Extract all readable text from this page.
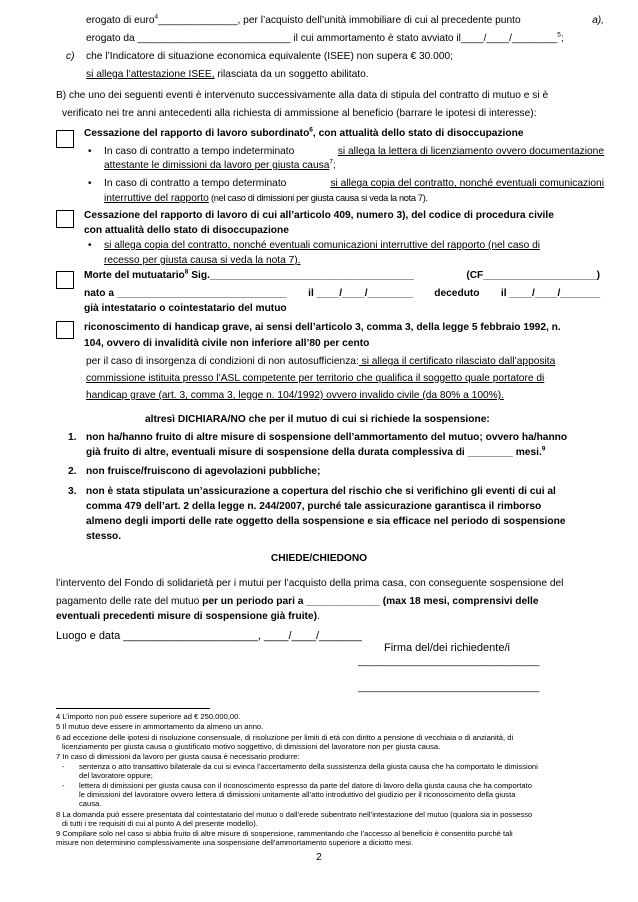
erogato di euro$^4$______________, per l’acquisto dell’unità immobiliare di cui al precedente punto	a),
erogato da ___________________________ il cui ammortamento è stato avviato il____/____/________$^5$;
c) che l’Indicatore di situazione economica equivalente (ISEE) non supera € 30.000;
si allega l’attestazione ISEE, rilasciata da un soggetto abilitato.
B) che uno dei seguenti eventi è intervenuto successivamente alla data di stipula del contratto di mutuo e si è
verificato nei tre anni antecedenti alla richiesta di ammissione al beneficio (barrare le ipotesi di interesse):
Cessazione del rapporto di lavoro subordinato$^6$, con attualità dello stato di disoccupazione
• In caso di contratto a tempo indeterminato	si allega la lettera di licenziamento ovvero documentazione
attestante le dimissioni da lavoro per giusta causa$^7$;
• In caso di contratto a tempo determinato	si allega copia del contratto, nonché eventuali comunicazioni
interruttive del rapporto (nel caso di dimissioni per giusta causa si veda la nota 7).
Cessazione del rapporto di lavoro di cui all’articolo 409, numero 3), del codice di procedura civile
con attualità dello stato di disoccupazione
• si allega copia del contratto, nonché eventuali comunicazioni interruttive del rapporto (nel caso di
recesso per giusta causa si veda la nota 7).
Morte del mutuatario$^8$ Sig.____________________________________	(CF____________________)
nato a ______________________________ il ____/____/________ deceduto il ____/____/_______
già intestatario o cointestatario del mutuo
riconoscimento di handicap grave, ai sensi dell’articolo 3, comma 3, della legge 5 febbraio 1992, n.
104, ovvero di invalidità civile non inferiore all’80 per cento
per il caso di insorgenza di condizioni di non autosufficienza: si allega il certificato rilasciato dall’apposita
commissione istituita presso l’ASL competente per territorio che qualifica il soggetto quale portatore di
handicap grave (art. 3, comma 3, legge n. 104/1992) ovvero invalido civile (da 80% a 100%).
altresì DICHIARA/NO che per il mutuo di cui si richiede la sospensione:
1. non ha/hanno fruito di altre misure di sospensione dell’ammortamento del mutuo; ovvero ha/hanno
già fruito di altre, eventuali misure di sospensione della durata complessiva di ________ mesi.$^9$
2. non fruisce/fruiscono di agevolazioni pubbliche;
3. non è stata stipulata un’assicurazione a copertura del rischio che si verifichino gli eventi di cui al
comma 479 dell’art. 2 della legge n. 244/2007, purché tale assicurazione garantisca il rimborso
almeno degli importi delle rate oggetto della sospensione e sia efficace nel periodo di sospensione
stesso.
CHIEDE/CHIEDONO
l’intervento del Fondo di solidarietà per i mutui per l’acquisto della prima casa, con conseguente sospensione del
pagamento delle rate del mutuo per un periodo pari a _____________ (max 18 mesi, comprensivi delle
eventuali precedenti misure di sospensione già fruite).
Luogo e data ______________________, ____/____/_______
Firma del/dei richiedente/i
________________________________
________________________________
4 L’importo non può essere superiore ad € 250.000,00.
5 Il mutuo deve essere in ammortamento da almeno un anno.
6 ad eccezione delle ipotesi di risoluzione consensuale, di risoluzione per limiti di età con diritto a pensione di vecchiaia o di anzianità, di
licenziamento per giusta causa o giustificato motivo soggettivo, di dimissioni del lavoratore non per giusta causa.
7 In caso di dimissioni da lavoro per giusta causa è necessario produrre:
- sentenza o atto transattivo bilaterale da cui si evinca l’accertamento della sussistenza della giusta causa che ha comportato le dimissioni
del lavoratore oppure;
- lettera di dimissioni per giusta causa con il riconoscimento espresso da parte del datore di lavoro della giusta causa che ha comportato
le dimissioni del lavoratore ovvero lettera di dimissioni unitamente all’atto introduttivo del giudizio per il riconoscimento della giusta
causa.
8 La domanda può essere presentata dal cointestatario del mutuo o dall’erede subentrato nell’intestazione del mutuo (qualora sia in possesso
di tutti i tre requisiti di cui al punto A del presente modello).
9 Compilare solo nel caso si abbia fruito di altre misure di sospensione, rammentando che l’accesso al beneficio è consentito purché tali
misure non determinino complessivamente una sospensione dell’ammortamento superiore a diciotto mesi.
2
